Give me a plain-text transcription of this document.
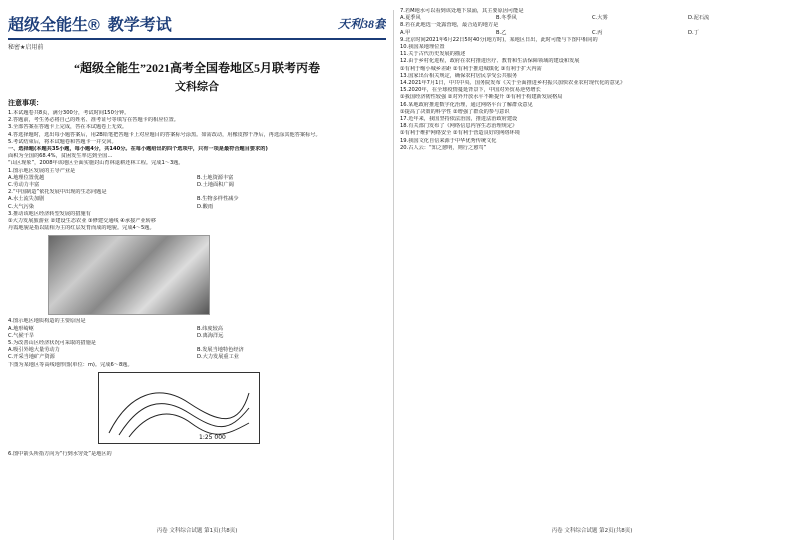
超级全能生® 教学考试	天利38套
秘密★启用前
“超级全能生”2021高考全国卷地区5月联考丙卷
文科综合
注意事项：
1.本试题卷共8页，满分300分，考试时间150分钟。
2.答题前，考生务必将自己的姓名、准考证号等填写在答题卡的相应位置。
3.全部答案在答题卡上完成，答在本试题卷上无效。
4.答选择题时，选出每小题答案后，用2B铅笔把答题卡上对应题目的答案标号涂黑。如需改动，用橡皮擦干净后，再选涂其他答案标号。
5.考试结束后，将本试题卷和答题卡一并交回。
一、选择题(本题共35小题，每小题4分，共140分。在每小题给出的四个选项中，只有一项是最符合题目要求的)
面积为全国的68.4%，贫困发生率达到全国...
“山区现象”，2008年该地区全面实施封山育林退耕还林工程。完成1～3题。
1.图示地区发展的主导产业是
A.地理位置优越	B.土地资源丰富
C.劳动力丰富	D.土地面积广阔
2.“中国制造”依托发展中出现的生态问题是
A.水土流失加剧	B.生物多样性减少
C.大气污染	D.酸雨
3.推动该地区经济转型发展的措施有
①大力发展旅游业 ②建设生态农业 ③修建交通线 ④承接产业转移
丹霞地貌是指以陆相为主的红层发育而成的地貌。完成4～5题。
4.图示地区地质构造的主要原因是
A.地形崎岖	B.纬度较高
C.气候干旱	D.离海洋远
5.为改善山区经济状况可采取的措施是
A.吸引外地大量劳动力	B.发展当地特色经济
C.开采当地矿产资源	D.大力发展重工业
下图为某地区等高线地形图(单位：m)。完成6～8题。
1:25 000
6.图中箭头所指方向为“行到水穷处”是地区的
丙卷 文科综合试题 第1页(共8页)
7.若M地水可以看到该处地下泉涌，其主要原因可能是
A.夏季风	B.冬季风	C.大雾	D.泥石流
8.若在此地选一处露营地，最合适的地方是
A.甲	B.乙	C.丙	D.丁
9.北京时间2021年6月22日5时40分(地方时)，某地区日出，此时可能与下图中相同的
10.我国某地理位置
11.关于古代历史发展的描述
12.由于乡村化进程，政府在农村推进医疗、教育和生活保障领域的建设和发展
①有利于缩小城乡差距 ②有利于推进城镇化 ③有利于扩大内需
13.国家出台相关规定，确保农村居民享受公共服务
14.2021年7月1日，中共中央、国务院发布《关于全面推进乡村振兴加快农业农村现代化的意见》
15.2020年，在全球疫情蔓延背景下，中国对外贸易逆势增长
①我国经济韧性较强 ②对外开放水平不断提升 ③有利于构建新发展格局
16.某地政府推进数字化治理，通过网络平台了解群众意见
①提高了决策的科学性 ②增强了群众的参与意识
17.近年来，我国坚持依法治国，推进法治政府建设
18.有关部门发布了《网络信息内容生态治理规定》
①有利于维护网络安全 ②有利于营造良好的网络环境
19.我国文化自信来源于中华优秀传统文化
20.古人云：“知之愈明，则行之愈笃”
丙卷 文科综合试题 第2页(共8页)
